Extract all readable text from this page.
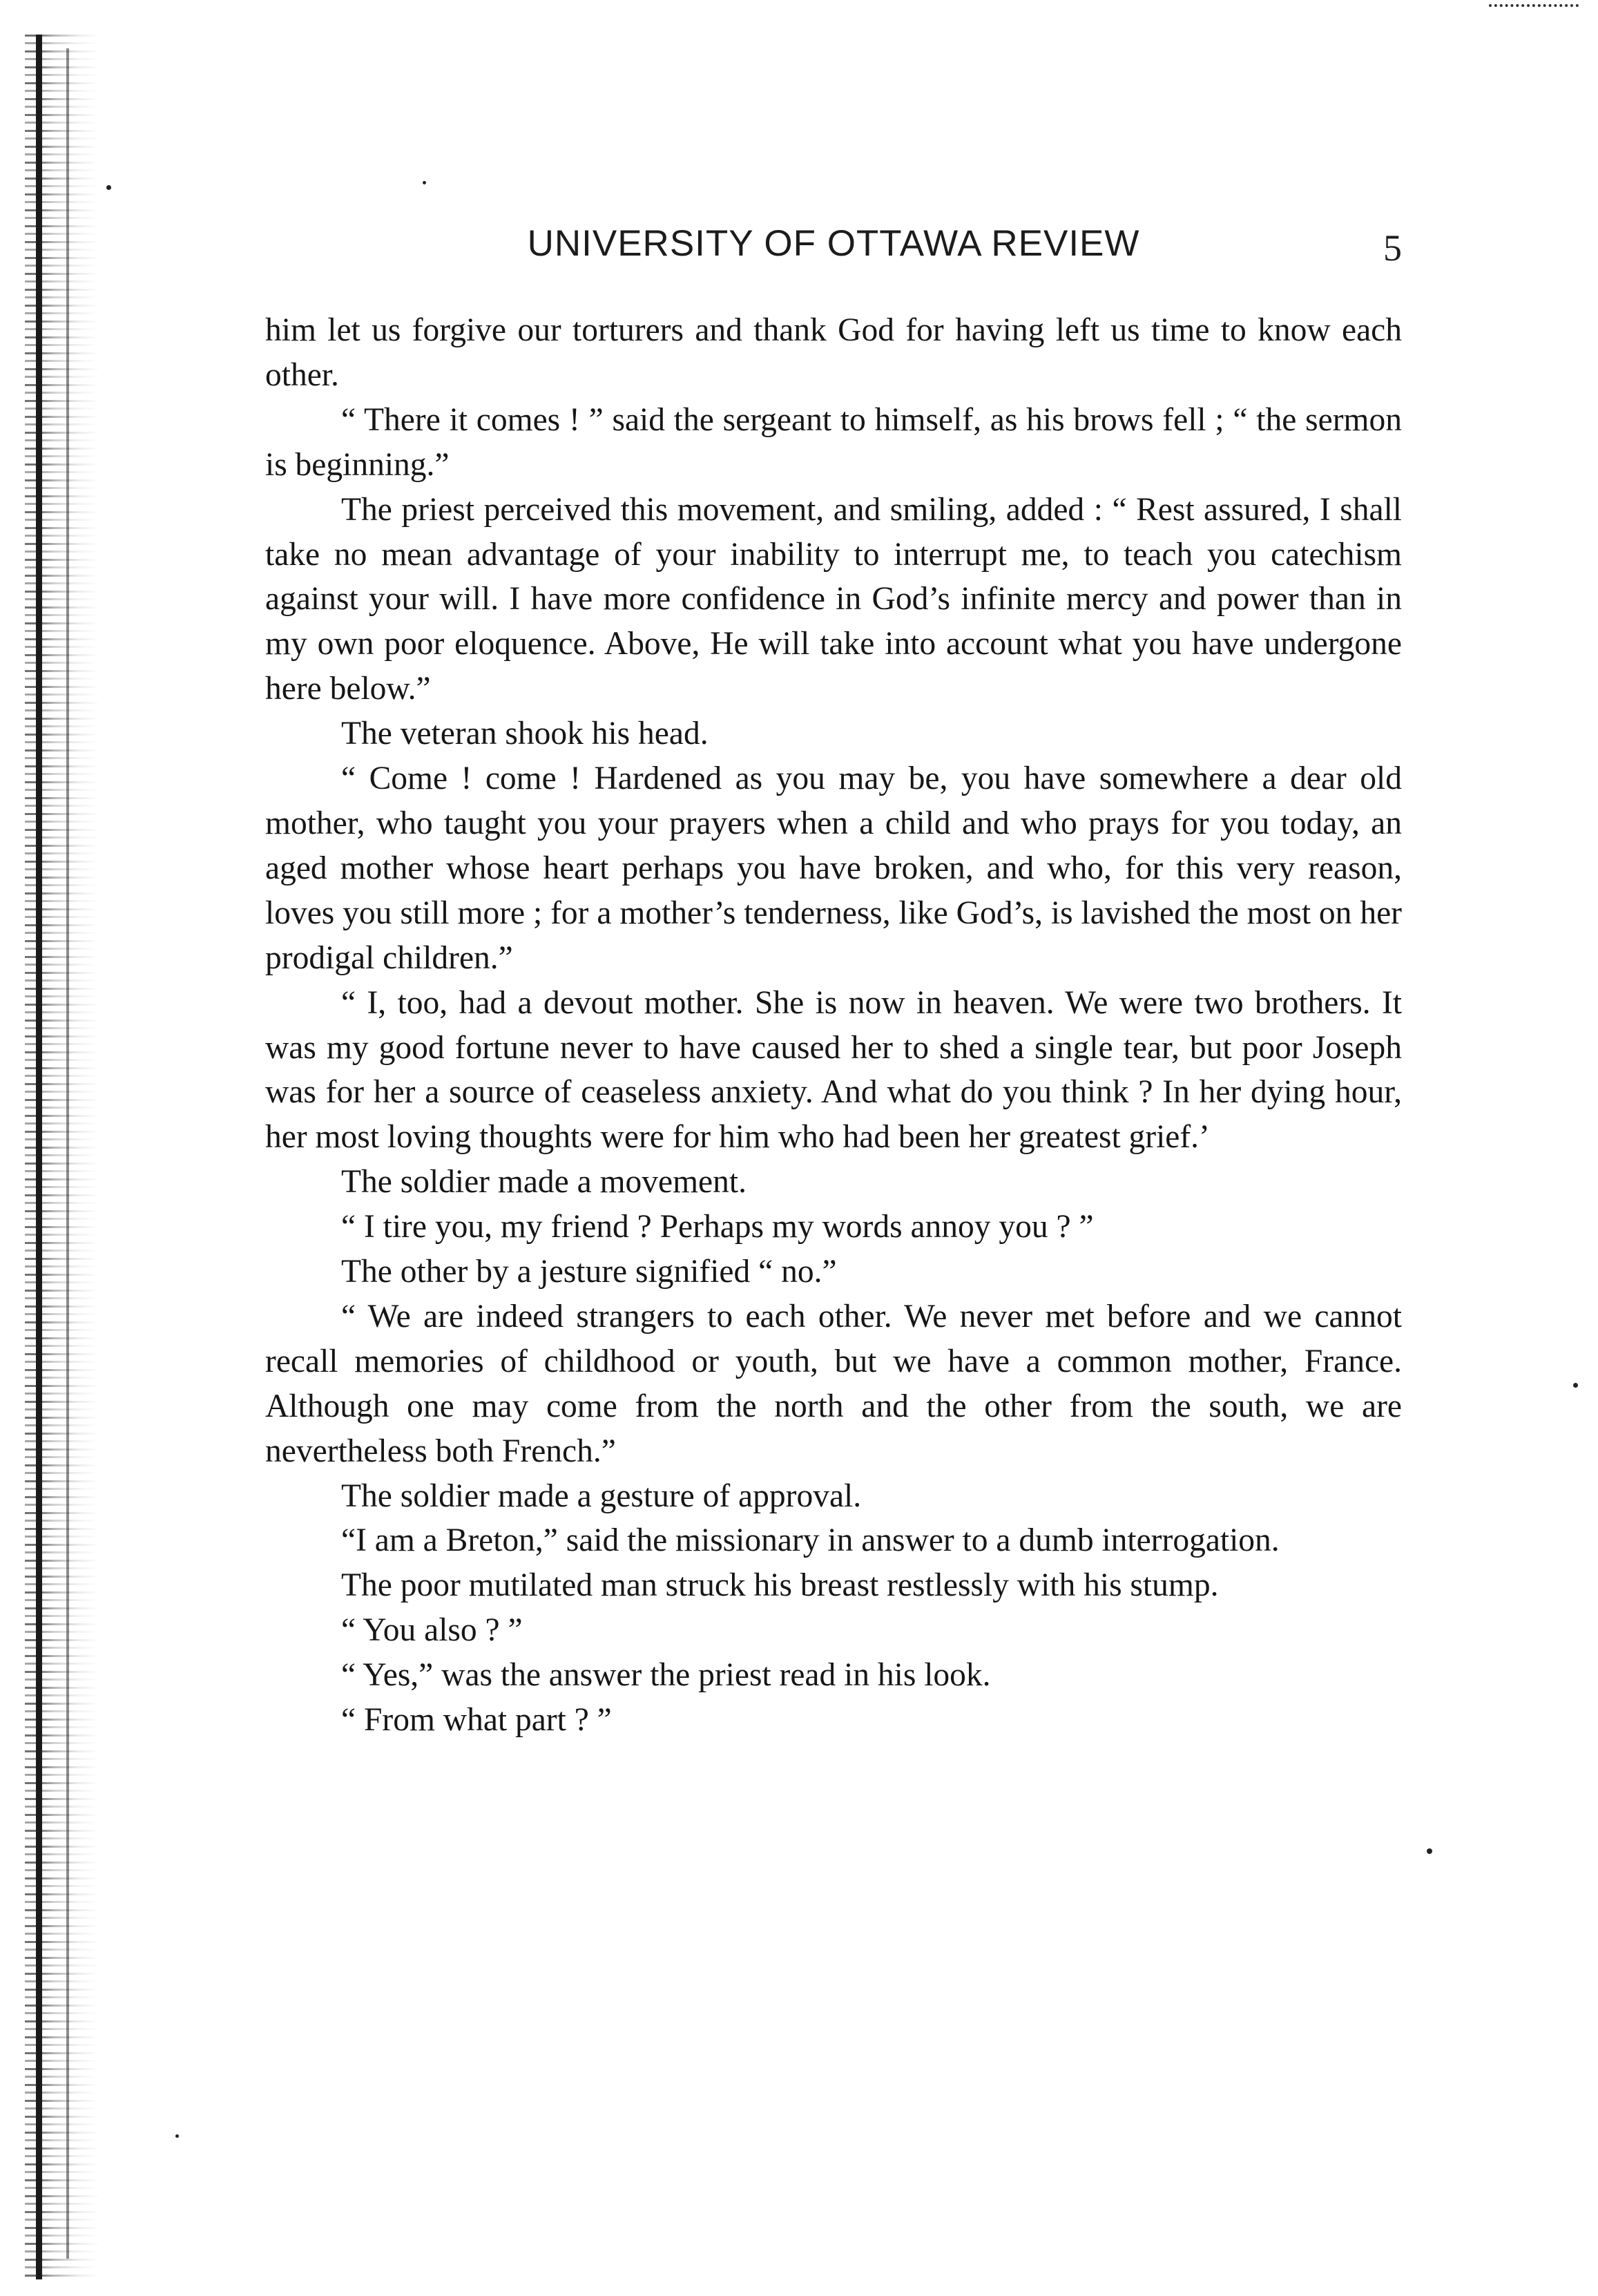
UNIVERSITY OF OTTAWA REVIEW	5

him let us forgive our torturers and thank God for having left us time to know each other.

“ There it comes ! ” said the sergeant to himself, as his brows fell ; “ the sermon is beginning.”

The priest perceived this movement, and smiling, added : “ Rest assured, I shall take no mean advantage of your inability to interrupt me, to teach you catechism against your will. I have more confidence in God’s infinite mercy and power than in my own poor eloquence. Above, He will take into account what you have undergone here below.”

The veteran shook his head.

“ Come ! come ! Hardened as you may be, you have somewhere a dear old mother, who taught you your prayers when a child and who prays for you today, an aged mother whose heart perhaps you have broken, and who, for this very reason, loves you still more ; for a mother’s tenderness, like God’s, is lavished the most on her prodigal children.”

“ I, too, had a devout mother. She is now in heaven. We were two brothers. It was my good fortune never to have caused her to shed a single tear, but poor Joseph was for her a source of ceaseless anxiety. And what do you think ? In her dying hour, her most loving thoughts were for him who had been her greatest grief.’

The soldier made a movement.

“ I tire you, my friend ? Perhaps my words annoy you ? ”

The other by a jesture signified “ no.”

“ We are indeed strangers to each other. We never met before and we cannot recall memories of childhood or youth, but we have a common mother, France. Although one may come from the north and the other from the south, we are nevertheless both French.”

The soldier made a gesture of approval.

“I am a Breton,” said the missionary in answer to a dumb interrogation.

The poor mutilated man struck his breast restlessly with his stump.

“ You also ? ”

“ Yes,” was the answer the priest read in his look.

“ From what part ? ”
